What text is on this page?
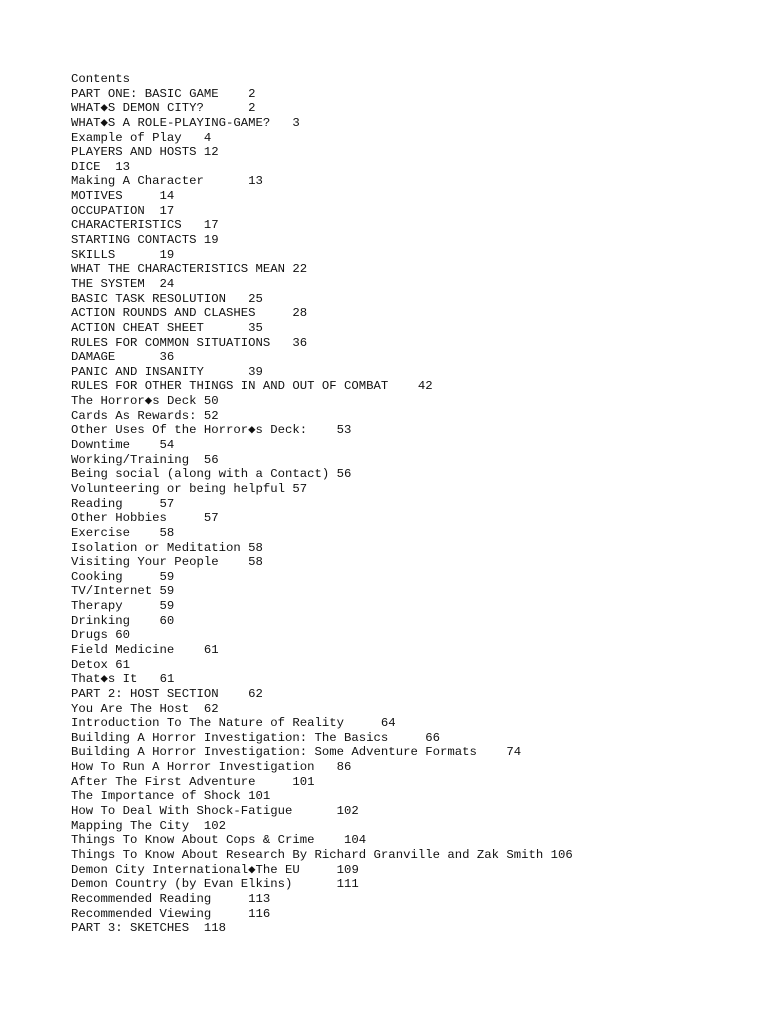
Contents
PART ONE: BASIC GAME    2
WHAT◆S DEMON CITY?      2
WHAT◆S A ROLE-PLAYING-GAME?   3
Example of Play   4
PLAYERS AND HOSTS 12
DICE  13
Making A Character      13
MOTIVES     14
OCCUPATION  17
CHARACTERISTICS   17
STARTING CONTACTS 19
SKILLS      19
WHAT THE CHARACTERISTICS MEAN 22
THE SYSTEM  24
BASIC TASK RESOLUTION   25
ACTION ROUNDS AND CLASHES     28
ACTION CHEAT SHEET      35
RULES FOR COMMON SITUATIONS   36
DAMAGE      36
PANIC AND INSANITY      39
RULES FOR OTHER THINGS IN AND OUT OF COMBAT    42
The Horror◆s Deck 50
Cards As Rewards: 52
Other Uses Of the Horror◆s Deck:    53
Downtime    54
Working/Training  56
Being social (along with a Contact) 56
Volunteering or being helpful 57
Reading     57
Other Hobbies     57
Exercise    58
Isolation or Meditation 58
Visiting Your People    58
Cooking     59
TV/Internet 59
Therapy     59
Drinking    60
Drugs 60
Field Medicine    61
Detox 61
That◆s It   61
PART 2: HOST SECTION    62
You Are The Host  62
Introduction To The Nature of Reality     64
Building A Horror Investigation: The Basics     66
Building A Horror Investigation: Some Adventure Formats    74
How To Run A Horror Investigation   86
After The First Adventure     101
The Importance of Shock 101
How To Deal With Shock-Fatigue      102
Mapping The City  102
Things To Know About Cops & Crime    104
Things To Know About Research By Richard Granville and Zak Smith 106
Demon City International◆The EU     109
Demon Country (by Evan Elkins)      111
Recommended Reading     113
Recommended Viewing     116
PART 3: SKETCHES  118
